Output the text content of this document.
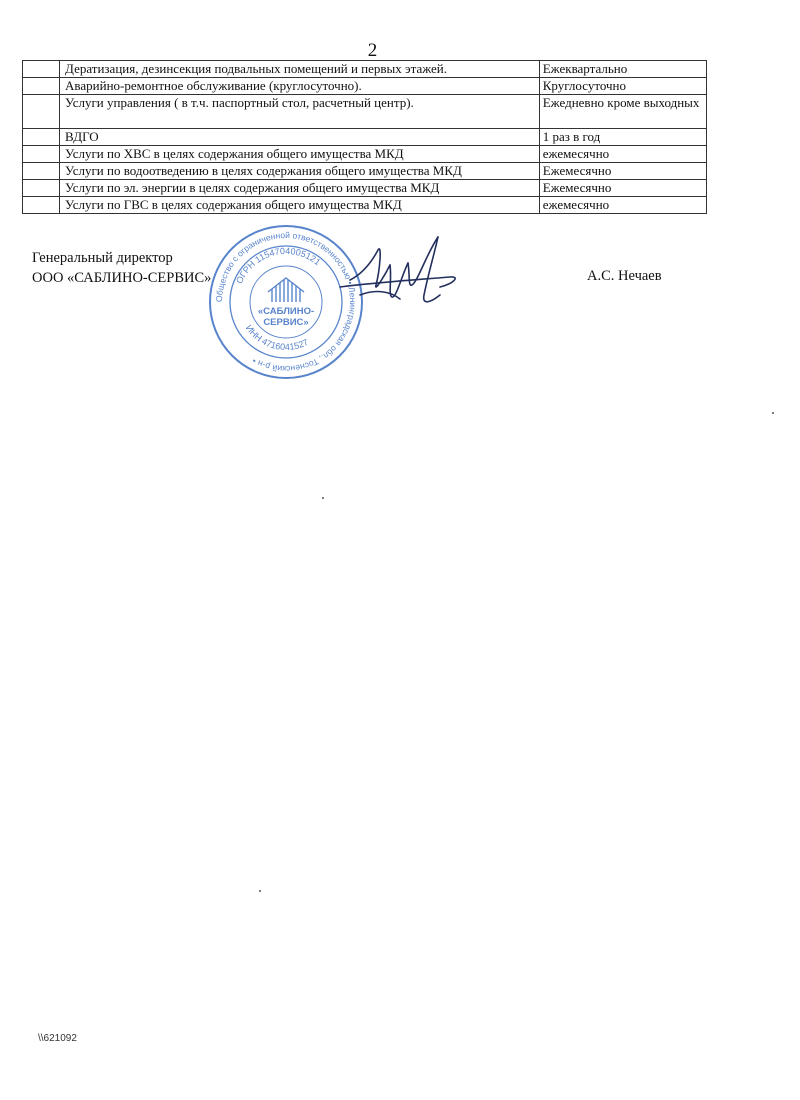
2
	Дератизация, дезинсекция подвальных помещений и первых этажей.	Ежеквартально
	Аварийно-ремонтное обслуживание (круглосуточно).	Круглосуточно
	Услуги управления ( в т.ч. паспортный стол, расчетный центр).	Ежедневно кроме выходных
	ВДГО	1 раз в год
	Услуги по ХВС в целях содержания общего имущества МКД	ежемесячно
	Услуги по водоотведению в целях содержания общего имущества МКД	Ежемесячно
	Услуги по эл. энергии в целях содержания общего имущества МКД	Ежемесячно
	Услуги по ГВС в целях содержания общего имущества МКД	ежемесячно
Генеральный директор
ООО «САБЛИНО-СЕРВИС»	А.С. Нечаев
Общество с ограниченной ответственностью • Ленинградская обл., Тосненский р-н •
ОГРН 1154704005121
ИНН 4716041527
«САБЛИНО-
СЕРВИС»
\\621092
